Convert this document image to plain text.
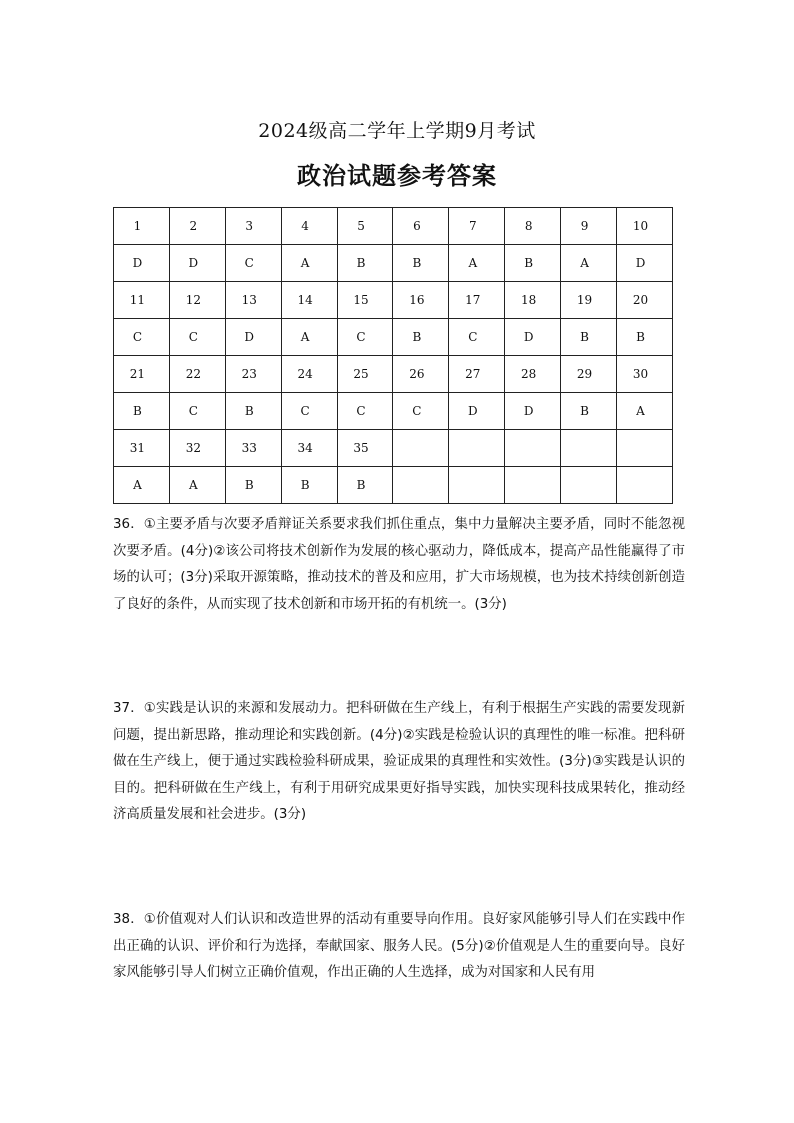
2024级高二学年上学期9月考试
政治试题参考答案
1	2	3	4	5	6	7	8	9	10
D	D	C	A	B	B	A	B	A	D
11	12	13	14	15	16	17	18	19	20
C	C	D	A	C	B	C	D	B	B
21	22	23	24	25	26	27	28	29	30
B	C	B	C	C	C	D	D	B	A
31	32	33	34	35					
A	A	B	B	B					
36．①主要矛盾与次要矛盾辩证关系要求我们抓住重点，集中力量解决主要矛盾，同时不能忽视次要矛盾。(4分)②该公司将技术创新作为发展的核心驱动力，降低成本，提高产品性能赢得了市场的认可；(3分)采取开源策略，推动技术的普及和应用，扩大市场规模，也为技术持续创新创造了良好的条件，从而实现了技术创新和市场开拓的有机统一。(3分)
37．①实践是认识的来源和发展动力。把科研做在生产线上，有利于根据生产实践的需要发现新问题，提出新思路，推动理论和实践创新。(4分)②实践是检验认识的真理性的唯一标准。把科研做在生产线上，便于通过实践检验科研成果，验证成果的真理性和实效性。(3分)③实践是认识的目的。把科研做在生产线上，有利于用研究成果更好指导实践，加快实现科技成果转化，推动经济高质量发展和社会进步。(3分)
38．①价值观对人们认识和改造世界的活动有重要导向作用。良好家风能够引导人们在实践中作出正确的认识、评价和行为选择，奉献国家、服务人民。(5分)②价值观是人生的重要向导。良好家风能够引导人们树立正确价值观，作出正确的人生选择，成为对国家和人民有用
